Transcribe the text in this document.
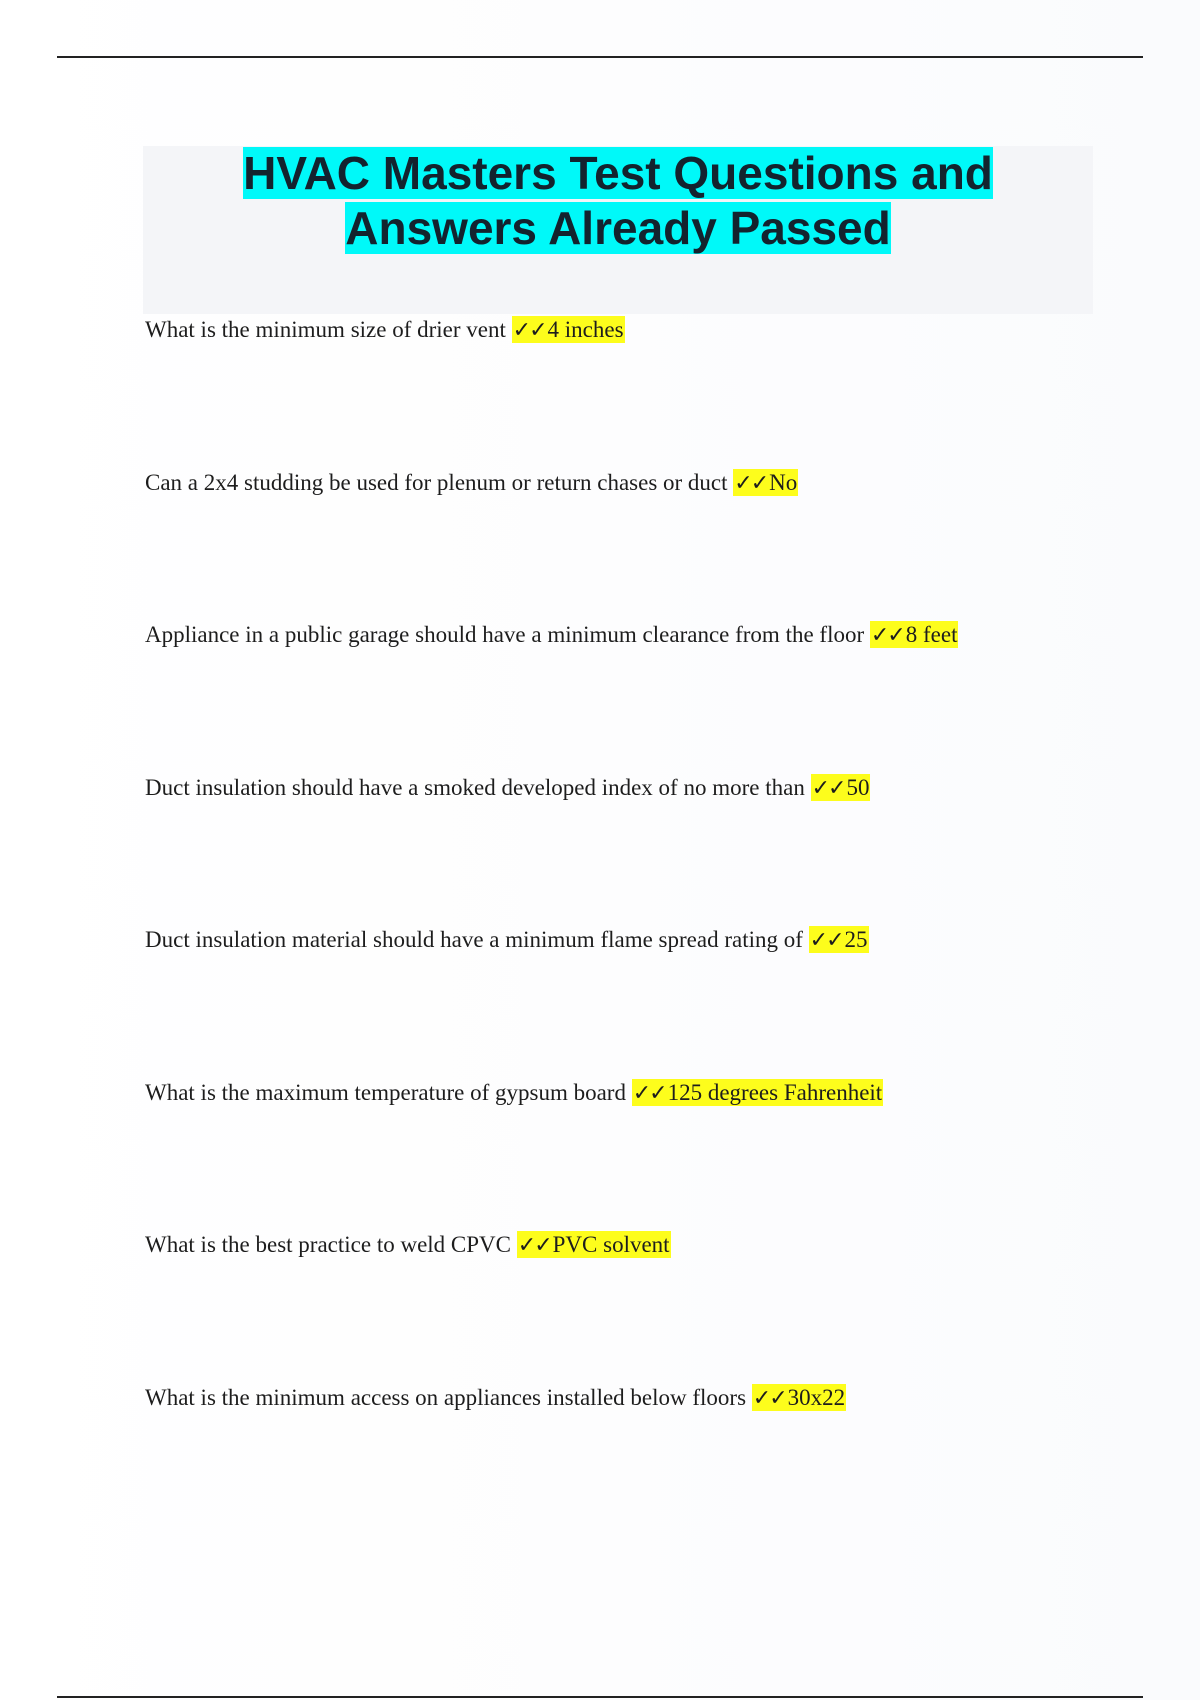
HVAC Masters Test Questions and Answers Already Passed
What is the minimum size of drier vent ✓✓4 inches
Can a 2x4 studding be used for plenum or return chases or duct ✓✓No
Appliance in a public garage should have a minimum clearance from the floor ✓✓8 feet
Duct insulation should have a smoked developed index of no more than ✓✓50
Duct insulation material should have a minimum flame spread rating of ✓✓25
What is the maximum temperature of gypsum board ✓✓125 degrees Fahrenheit
What is the best practice to weld CPVC ✓✓PVC solvent
What is the minimum access on appliances installed below floors ✓✓30x22
